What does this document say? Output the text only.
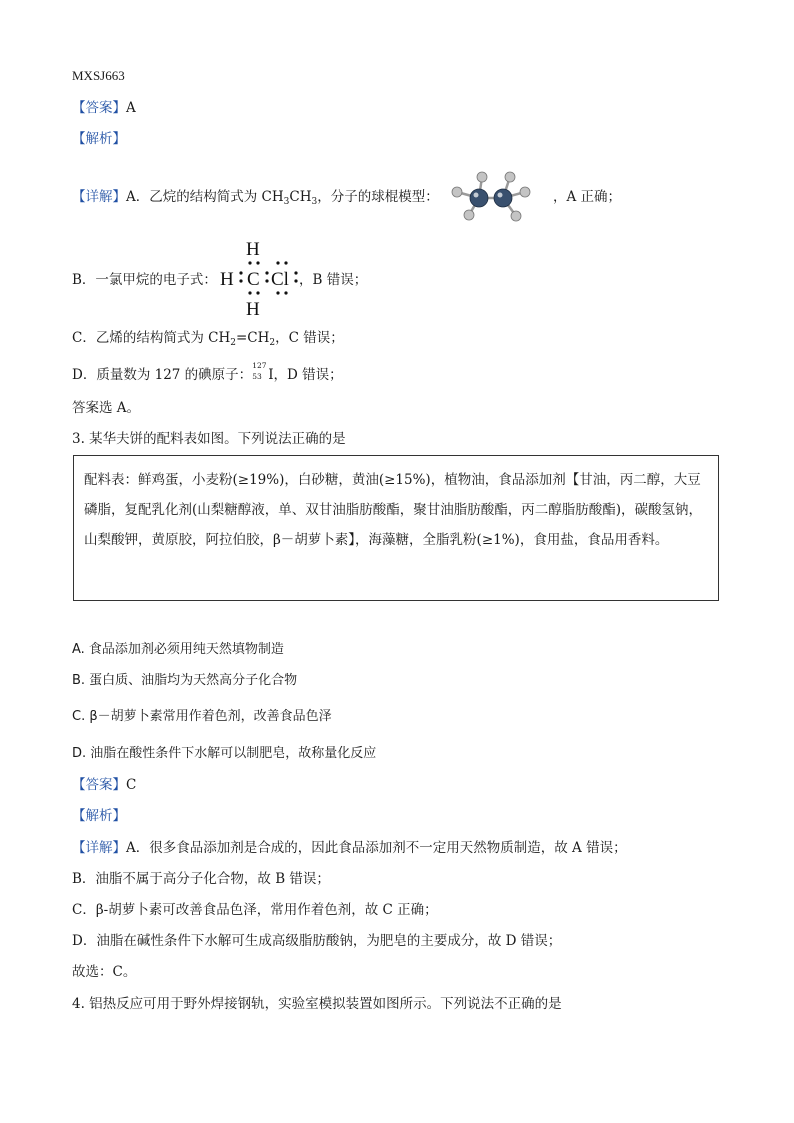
MXSJ663
【答案】A
【解析】
【详解】A．乙烷的结构简式为 $CH_3CH_3$，分子的球棍模型：	，A 正确；
B．一氯甲烷的电子式：
H
H
H C Cl ，B 错误；
C．乙烯的结构简式为 $CH_2=CH_2$，C 错误；
D．质量数为 127 的碘原子：
127
53 I，D 错误；
答案选 A。
3. 某华夫饼的配料表如图。下列说法正确的是
配料表：鲜鸡蛋，小麦粉(≥19%)，白砂糖，黄油(≥15%)，植物油，食品添加剂【甘油，丙二醇，大豆磷脂，复配乳化剂(山梨糖醇液，单、双甘油脂肪酸酯，聚甘油脂肪酸酯，丙二醇脂肪酸酯)，碳酸氢钠，山梨酸钾，黄原胶，阿拉伯胶，β－胡萝卜素】，海藻糖，全脂乳粉(≥1%)，食用盐，食品用香料。
A. 食品添加剂必须用纯天然填物制造
B. 蛋白质、油脂均为天然高分子化合物
C. β－胡萝卜素常用作着色剂，改善食品色泽
D. 油脂在酸性条件下水解可以制肥皂，故称量化反应
【答案】C
【解析】
【详解】A．很多食品添加剂是合成的，因此食品添加剂不一定用天然物质制造，故 A 错误；
B．油脂不属于高分子化合物，故 B 错误；
C．β-胡萝卜素可改善食品色泽，常用作着色剂，故 C 正确；
D．油脂在碱性条件下水解可生成高级脂肪酸钠，为肥皂的主要成分，故 D 错误；
故选：C。
4. 铝热反应可用于野外焊接钢轨，实验室模拟装置如图所示。下列说法不正确的是
